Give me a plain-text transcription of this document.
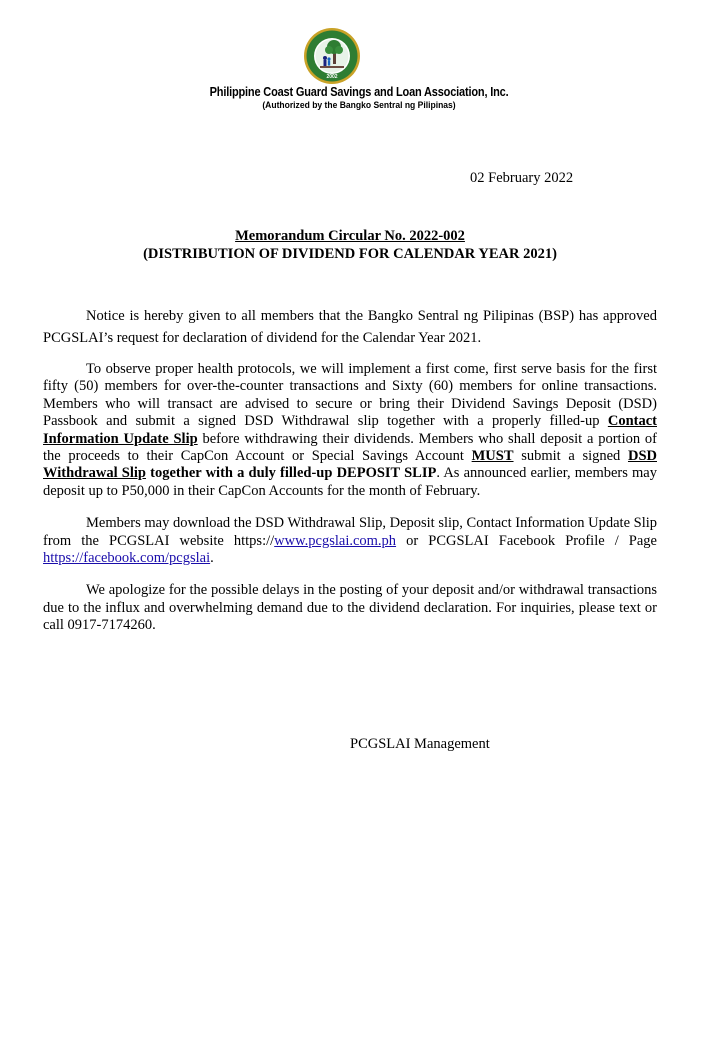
2002
Philippine Coast Guard Savings and Loan Association, Inc.
(Authorized by the Bangko Sentral ng Pilipinas)
02 February 2022
Memorandum Circular No. 2022-002
(DISTRIBUTION OF DIVIDEND FOR CALENDAR YEAR 2021)

Notice is hereby given to all members that the Bangko Sentral ng Pilipinas (BSP) has approved PCGSLAI’s request for declaration of dividend for the Calendar Year 2021.

To observe proper health protocols, we will implement a first come, first serve basis for the first fifty (50) members for over-the-counter transactions and Sixty (60) members for online transactions. Members who will transact are advised to secure or bring their Dividend Savings Deposit (DSD) Passbook and submit a signed DSD Withdrawal slip together with a properly filled-up Contact Information Update Slip before withdrawing their dividends. Members who shall deposit a portion of the proceeds to their CapCon Account or Special Savings Account MUST submit a signed DSD Withdrawal Slip together with a duly filled-up DEPOSIT SLIP. As announced earlier, members may deposit up to P50,000 in their CapCon Accounts for the month of February.

Members may download the DSD Withdrawal Slip, Deposit slip, Contact Information Update Slip from the PCGSLAI website https://www.pcgslai.com.ph or PCGSLAI Facebook Profile / Page https://facebook.com/pcgslai.

We apologize for the possible delays in the posting of your deposit and/or withdrawal transactions due to the influx and overwhelming demand due to the dividend declaration. For inquiries, please text or call 0917-7174260.

PCGSLAI Management
